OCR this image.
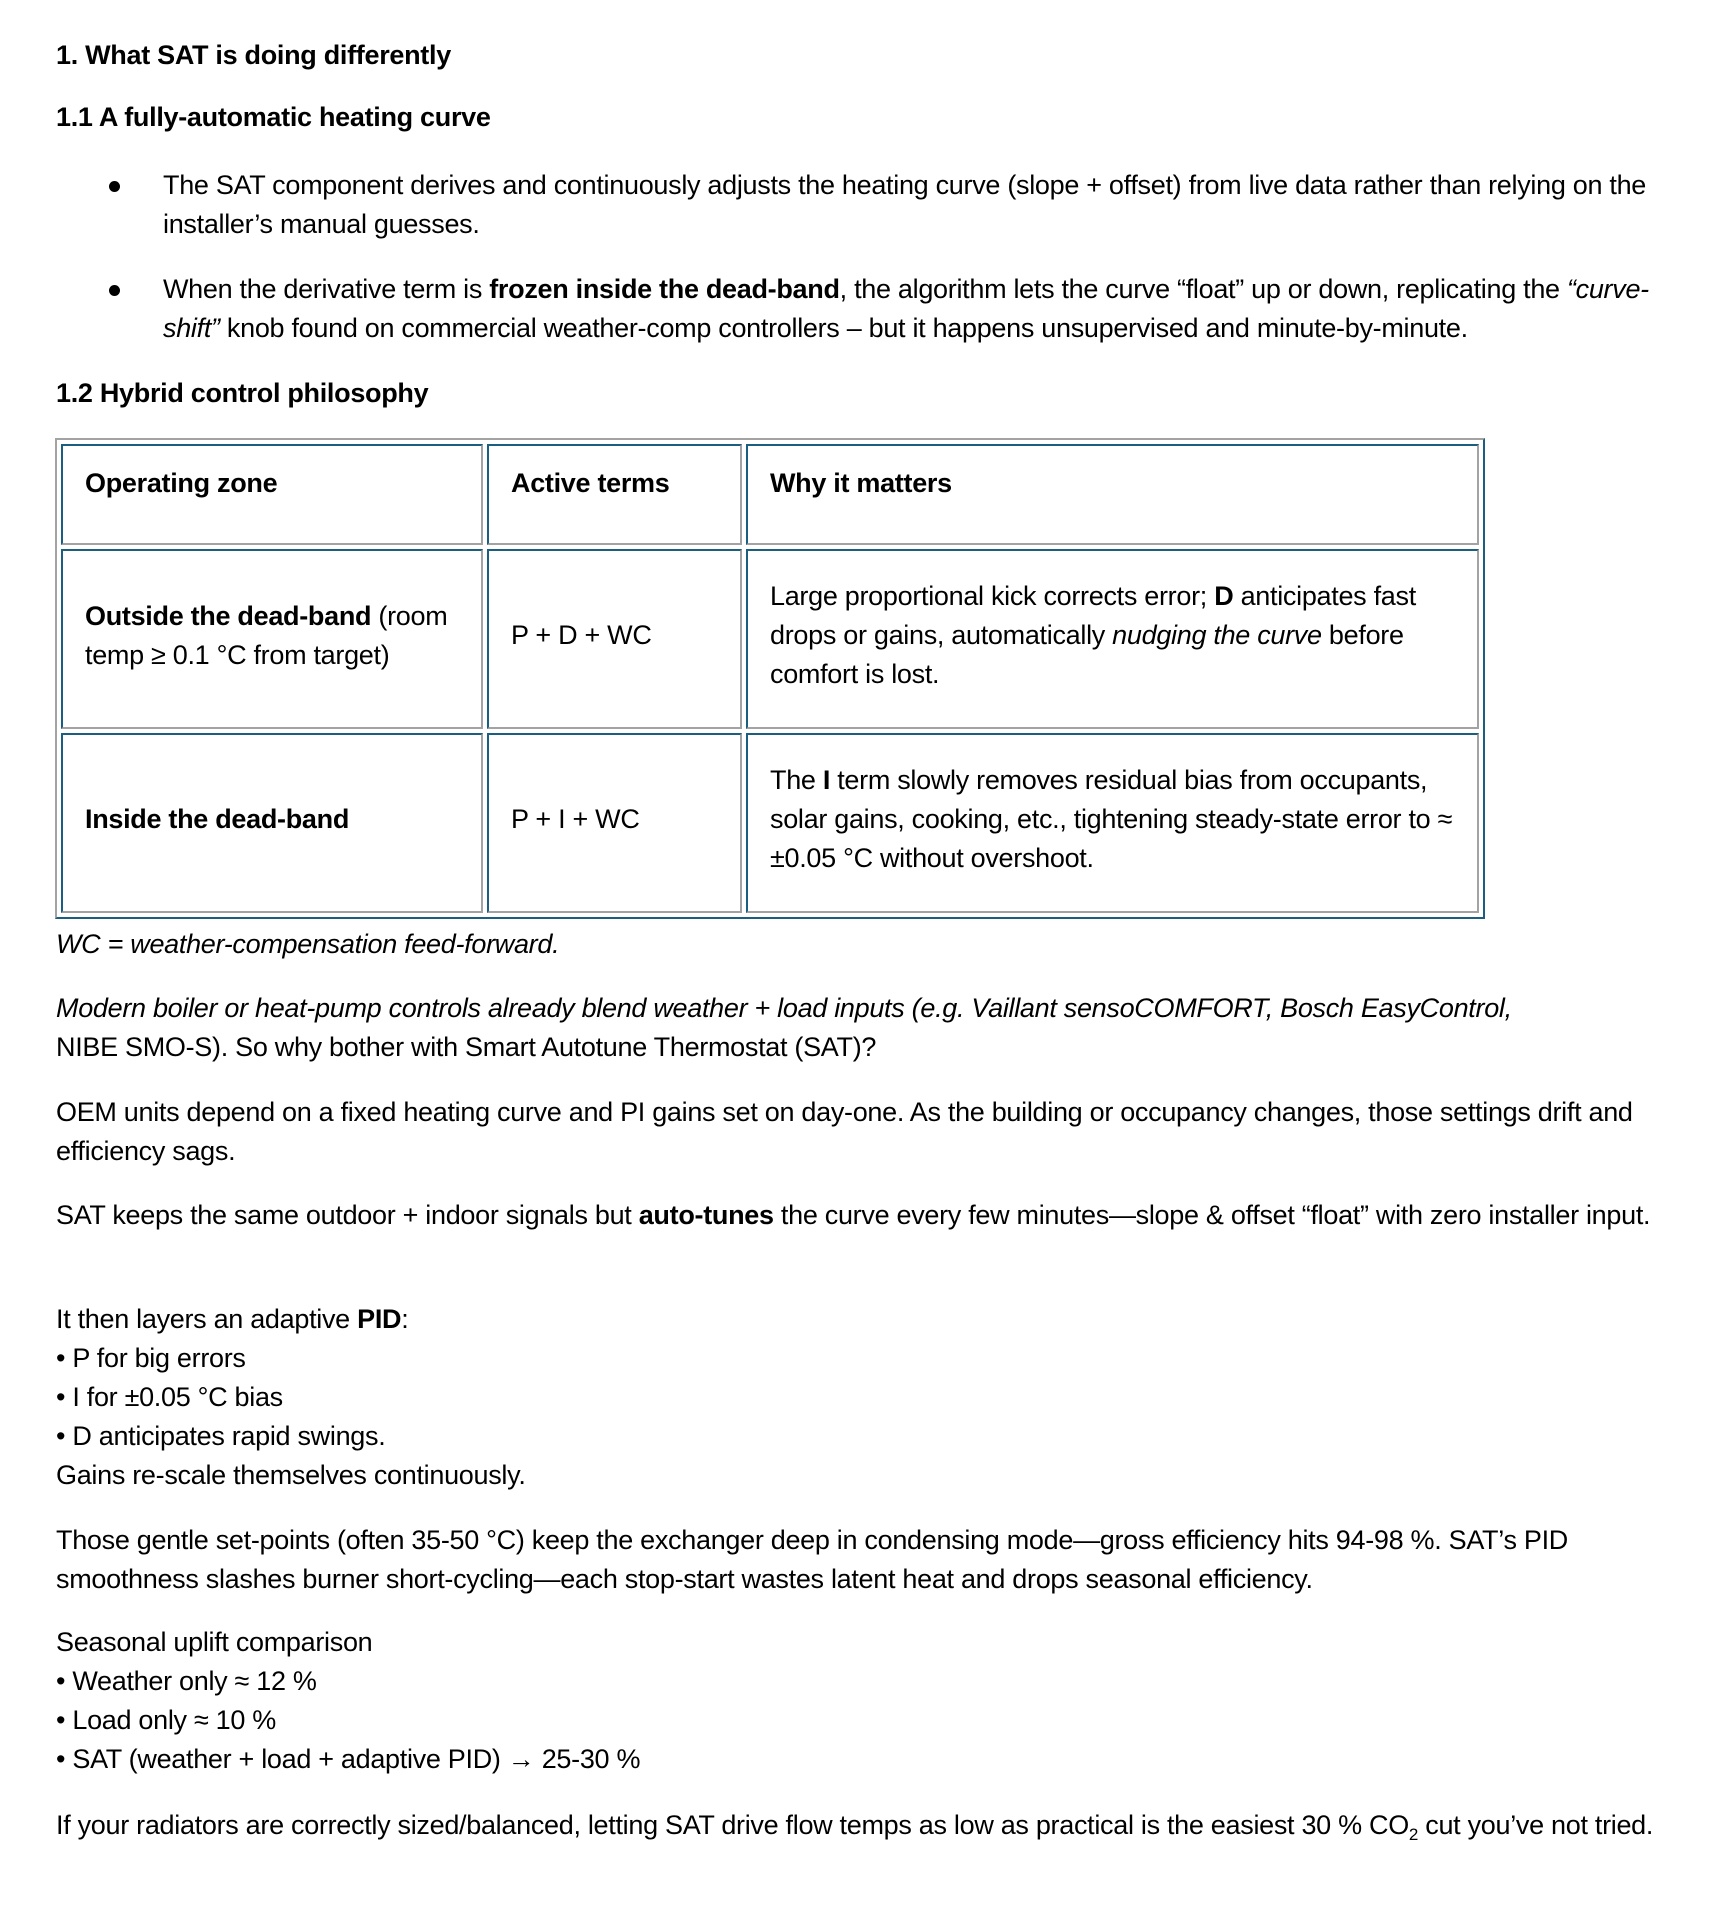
1. What SAT is doing differently
1.1 A fully-automatic heating curve
The SAT component derives and continuously adjusts the heating curve (slope + offset) from live data rather than relying on the installer’s manual guesses.
When the derivative term is frozen inside the dead-band, the algorithm lets the curve “float” up or down, replicating the “curve-shift” knob found on commercial weather-comp controllers – but it happens unsupervised and minute-by-minute.
1.2 Hybrid control philosophy

Operating zone	Active terms	Why it matters

Outside the dead-band (room temp ≥ 0.1 °C from target)	P + D + WC	Large proportional kick corrects error; D anticipates fast drops or gains, automatically nudging the curve before comfort is lost.

Inside the dead-band	P + I + WC	The I term slowly removes residual bias from occupants, solar gains, cooking, etc., tightening steady-state error to ≈ ±0.05 °C without overshoot.

WC = weather-compensation feed-forward.

Modern boiler or heat-pump controls already blend weather + load inputs (e.g. Vaillant sensoCOMFORT, Bosch EasyControl,
NIBE SMO-S). So why bother with Smart Autotune Thermostat (SAT)?

OEM units depend on a fixed heating curve and PI gains set on day-one. As the building or occupancy changes, those settings drift and efficiency sags.

SAT keeps the same outdoor + indoor signals but auto-tunes the curve every few minutes—slope & offset “float” with zero installer input.

It then layers an adaptive PID:
• P for big errors
• I for ±0.05 °C bias
• D anticipates rapid swings.
Gains re-scale themselves continuously.

Those gentle set-points (often 35-50 °C) keep the exchanger deep in condensing mode—gross efficiency hits 94-98 %. SAT’s PID smoothness slashes burner short-cycling—each stop-start wastes latent heat and drops seasonal efficiency.

Seasonal uplift comparison
• Weather only ≈ 12 %
• Load only ≈ 10 %
• SAT (weather + load + adaptive PID) → 25-30 %

If your radiators are correctly sized/balanced, letting SAT drive flow temps as low as practical is the easiest 30 % $CO_2$ cut you’ve not tried.
